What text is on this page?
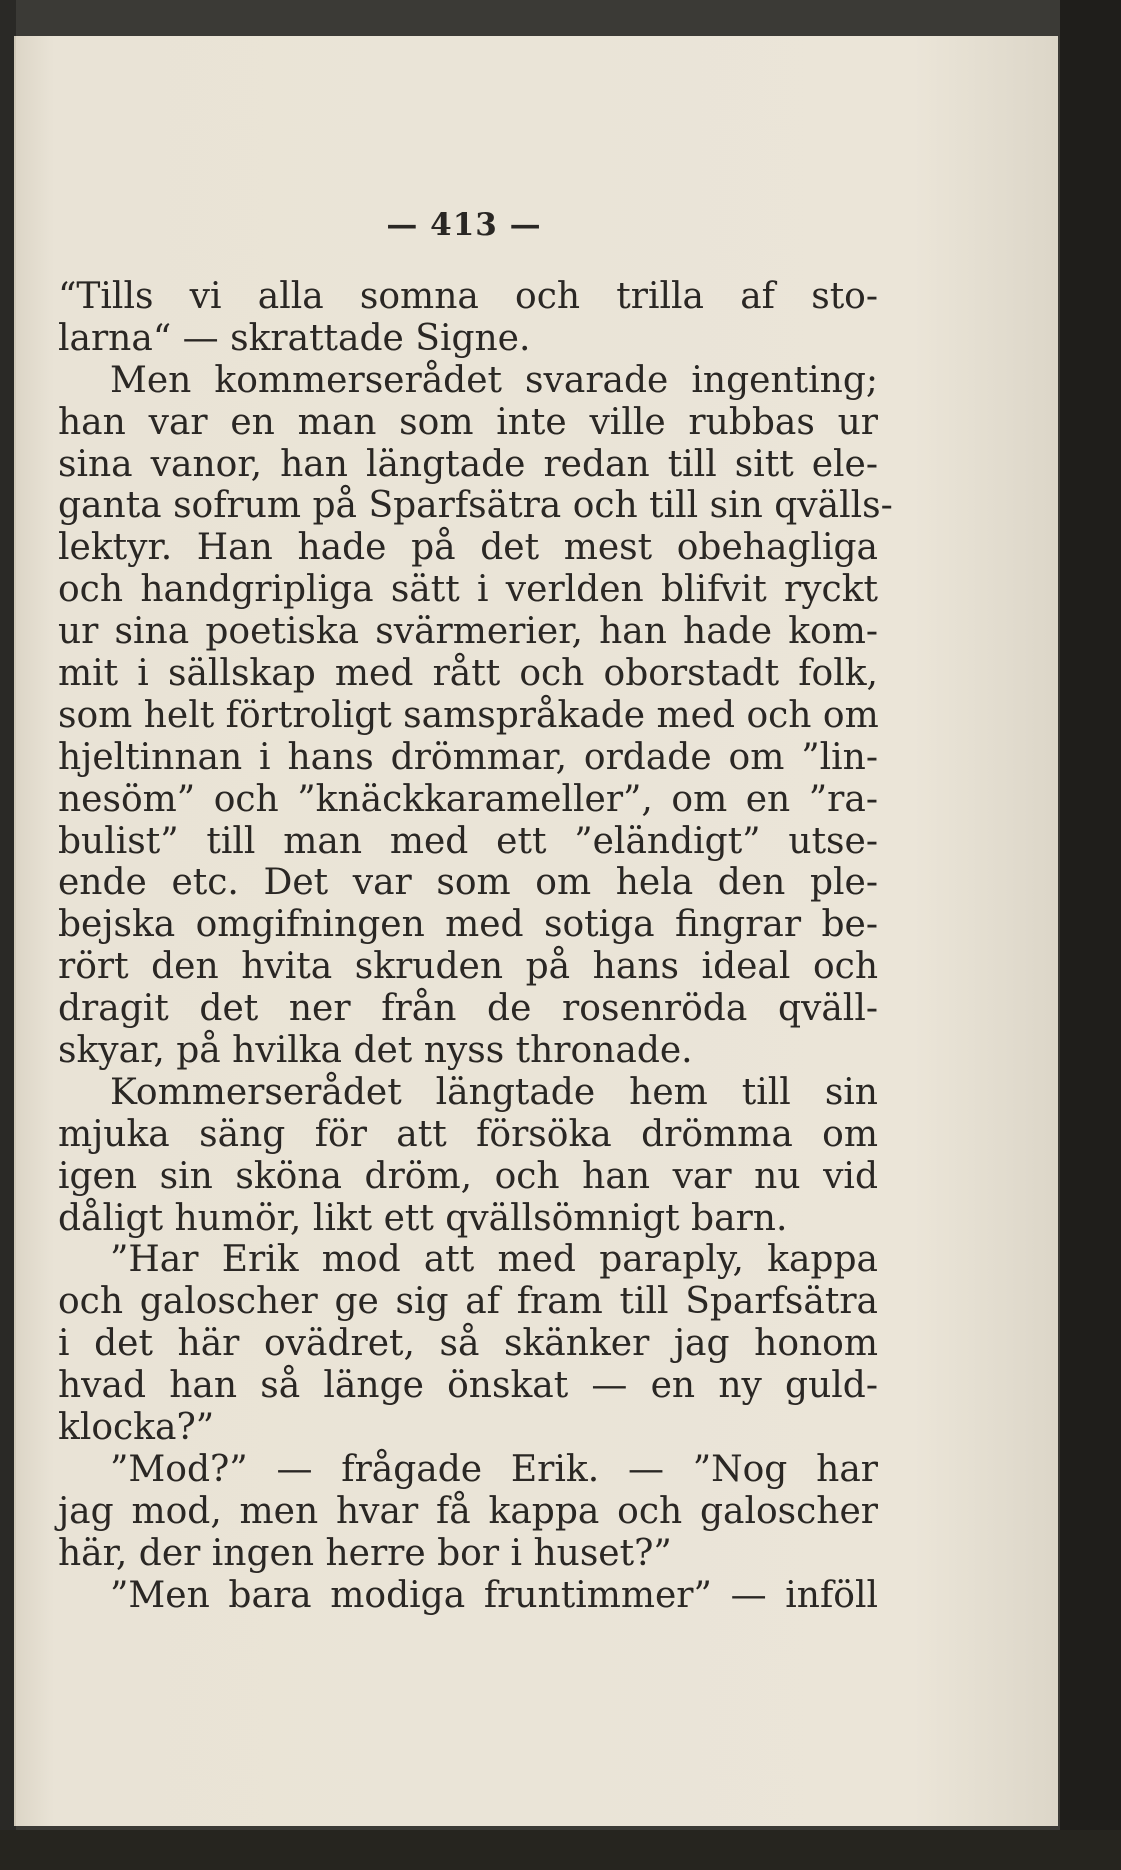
— 413 —
“Tills vi alla somna och trilla af sto-
larna“ — skrattade Signe.
Men kommerserådet svarade ingenting;
han var en man som inte ville rubbas ur
sina vanor, han längtade redan till sitt ele-
ganta sofrum på Sparfsätra och till sin qvälls-
lektyr. Han hade på det mest obehagliga
och handgripliga sätt i verlden blifvit ryckt
ur sina poetiska svärmerier, han hade kom-
mit i sällskap med rått och oborstadt folk,
som helt förtroligt samspråkade med och om
hjeltinnan i hans drömmar, ordade om ”lin-
nesöm” och ”knäckkarameller”, om en ”ra-
bulist” till man med ett ”eländigt” utse-
ende etc. Det var som om hela den ple-
bejska omgifningen med sotiga fingrar be-
rört den hvita skruden på hans ideal och
dragit det ner från de rosenröda qväll-
skyar, på hvilka det nyss thronade.
Kommerserådet längtade hem till sin
mjuka säng för att försöka drömma om
igen sin sköna dröm, och han var nu vid
dåligt humör, likt ett qvällsömnigt barn.
”Har Erik mod att med paraply, kappa
och galoscher ge sig af fram till Sparfsätra
i det här ovädret, så skänker jag honom
hvad han så länge önskat — en ny guld-
klocka?”
”Mod?” — frågade Erik. — ”Nog har
jag mod, men hvar få kappa och galoscher
här, der ingen herre bor i huset?”
”Men bara modiga fruntimmer” — inföll
